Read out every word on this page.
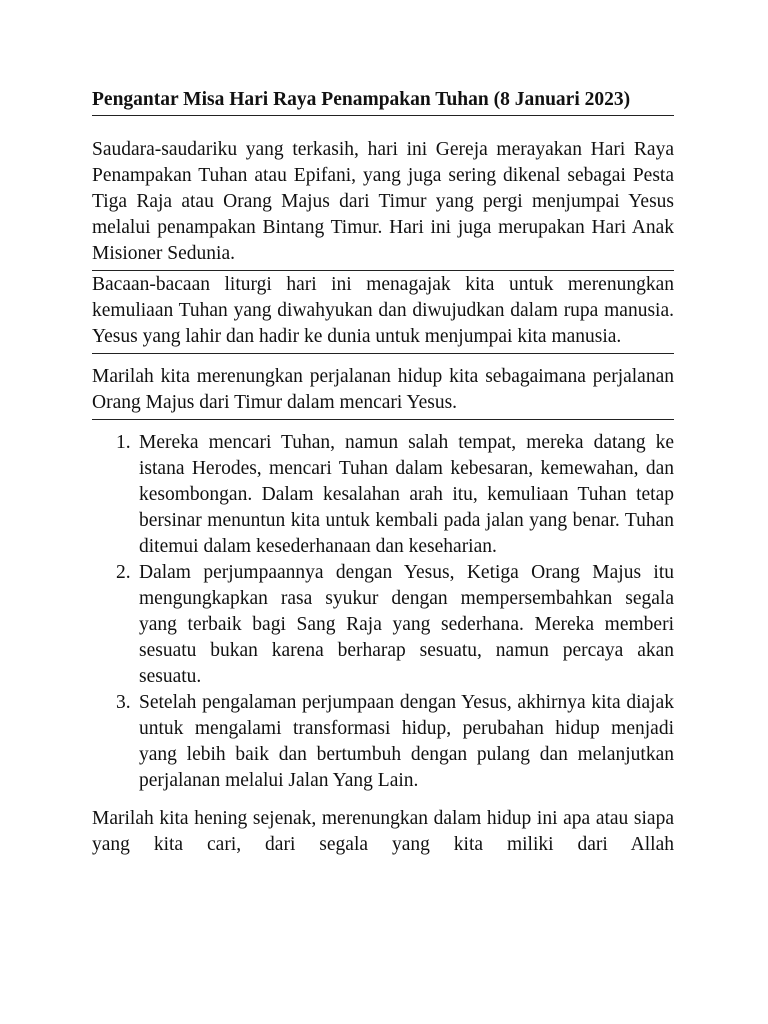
Pengantar Misa Hari Raya Penampakan Tuhan (8 Januari 2023)

Saudara-saudariku yang terkasih, hari ini Gereja merayakan Hari Raya Penampakan Tuhan atau Epifani, yang juga sering dikenal sebagai Pesta Tiga Raja atau Orang Majus dari Timur yang pergi menjumpai Yesus melalui penampakan Bintang Timur. Hari ini juga merupakan Hari Anak Misioner Sedunia.

Bacaan-bacaan liturgi hari ini menagajak kita untuk merenungkan kemuliaan Tuhan yang diwahyukan dan diwujudkan dalam rupa manusia. Yesus yang lahir dan hadir ke dunia untuk menjumpai kita manusia.

Marilah kita merenungkan perjalanan hidup kita sebagaimana perjalanan Orang Majus dari Timur dalam mencari Yesus.

1. Mereka mencari Tuhan, namun salah tempat, mereka datang ke istana Herodes, mencari Tuhan dalam kebesaran, kemewahan, dan kesombongan. Dalam kesalahan arah itu, kemuliaan Tuhan tetap bersinar menuntun kita untuk kembali pada jalan yang benar. Tuhan ditemui dalam kesederhanaan dan keseharian.
2. Dalam perjumpaannya dengan Yesus, Ketiga Orang Majus itu mengungkapkan rasa syukur dengan mempersembahkan segala yang terbaik bagi Sang Raja yang sederhana. Mereka memberi sesuatu bukan karena berharap sesuatu, namun percaya akan sesuatu.
3. Setelah pengalaman perjumpaan dengan Yesus, akhirnya kita diajak untuk mengalami transformasi hidup, perubahan hidup menjadi yang lebih baik dan bertumbuh dengan pulang dan melanjutkan perjalanan melalui Jalan Yang Lain.

Marilah kita hening sejenak, merenungkan dalam hidup ini apa atau siapa yang kita cari, dari segala yang kita miliki dari Allah
